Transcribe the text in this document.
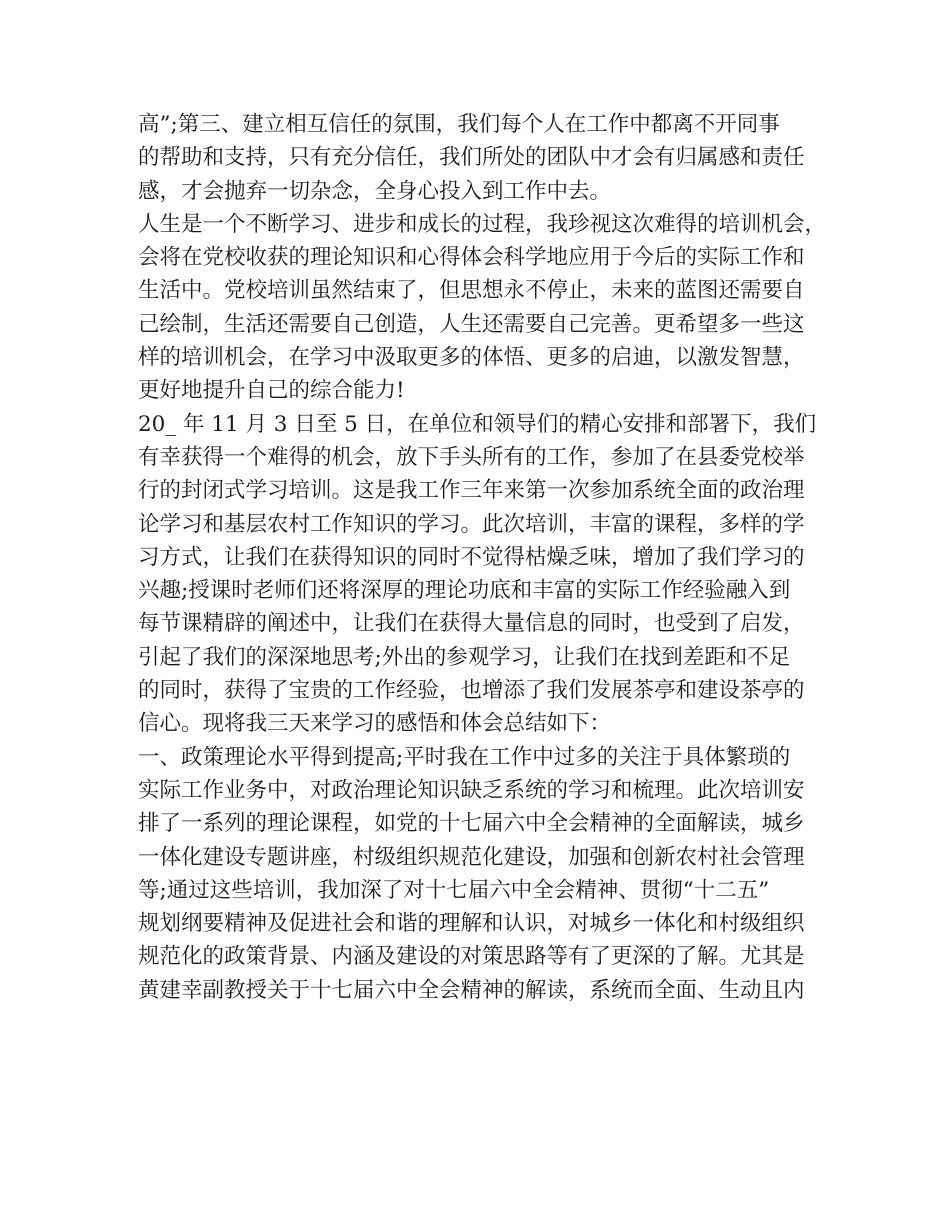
高”;第三、建立相互信任的氛围，我们每个人在工作中都离不开同事
的帮助和支持，只有充分信任，我们所处的团队中才会有归属感和责任
感，才会抛弃一切杂念，全身心投入到工作中去。
人生是一个不断学习、进步和成长的过程，我珍视这次难得的培训机会，
会将在党校收获的理论知识和心得体会科学地应用于今后的实际工作和
生活中。党校培训虽然结束了，但思想永不停止，未来的蓝图还需要自
己绘制，生活还需要自己创造，人生还需要自己完善。更希望多一些这
样的培训机会，在学习中汲取更多的体悟、更多的启迪，以激发智慧，
更好地提升自己的综合能力!
20_ 年 11 月 3 日至 5 日，在单位和领导们的精心安排和部署下，我们
有幸获得一个难得的机会，放下手头所有的工作，参加了在县委党校举
行的封闭式学习培训。这是我工作三年来第一次参加系统全面的政治理
论学习和基层农村工作知识的学习。此次培训，丰富的课程，多样的学
习方式，让我们在获得知识的同时不觉得枯燥乏味，增加了我们学习的
兴趣;授课时老师们还将深厚的理论功底和丰富的实际工作经验融入到
每节课精辟的阐述中，让我们在获得大量信息的同时，也受到了启发，
引起了我们的深深地思考;外出的参观学习，让我们在找到差距和不足
的同时，获得了宝贵的工作经验，也增添了我们发展茶亭和建设茶亭的
信心。现将我三天来学习的感悟和体会总结如下：
一、政策理论水平得到提高;平时我在工作中过多的关注于具体繁琐的
实际工作业务中，对政治理论知识缺乏系统的学习和梳理。此次培训安
排了一系列的理论课程，如党的十七届六中全会精神的全面解读，城乡
一体化建设专题讲座，村级组织规范化建设，加强和创新农村社会管理
等;通过这些培训，我加深了对十七届六中全会精神、贯彻“十二五”
规划纲要精神及促进社会和谐的理解和认识，对城乡一体化和村级组织
规范化的政策背景、内涵及建设的对策思路等有了更深的了解。尤其是
黄建幸副教授关于十七届六中全会精神的解读，系统而全面、生动且内
